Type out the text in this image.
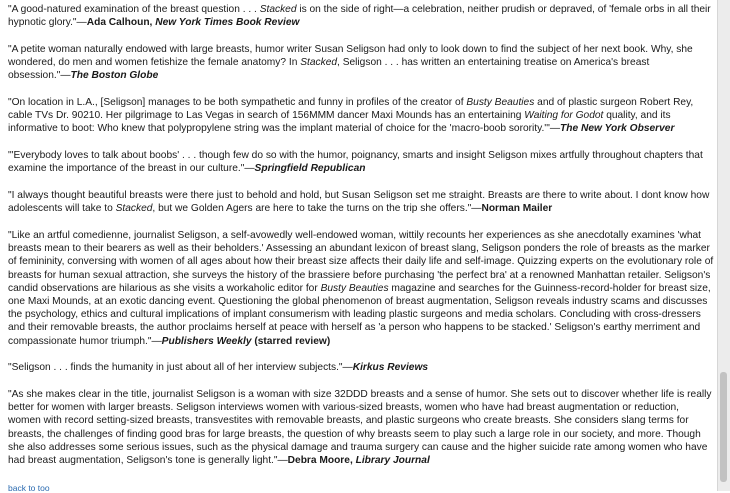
"A good-natured examination of the breast question . . . Stacked is on the side of right—a celebration, neither prudish or depraved, of 'female orbs in all their hypnotic glory."—Ada Calhoun, New York Times Book Review

"A petite woman naturally endowed with large breasts, humor writer Susan Seligson had only to look down to find the subject of her next book. Why, she wondered, do men and women fetishize the female anatomy? In Stacked, Seligson . . . has written an entertaining treatise on America's breast obsession."—The Boston Globe

"On location in L.A., [Seligson] manages to be both sympathetic and funny in profiles of the creator of Busty Beauties and of plastic surgeon Robert Rey, cable TVs Dr. 90210. Her pilgrimage to Las Vegas in search of 156MMM dancer Maxi Mounds has an entertaining Waiting for Godot quality, and its informative to boot: Who knew that polypropylene string was the implant material of choice for the 'macro-boob sorority.'"—The New York Observer

"'Everybody loves to talk about boobs' . . . though few do so with the humor, poignancy, smarts and insight Seligson mixes artfully throughout chapters that examine the importance of the breast in our culture."—Springfield Republican

"I always thought beautiful breasts were there just to behold and hold, but Susan Seligson set me straight. Breasts are there to write about. I dont know how adolescents will take to Stacked, but we Golden Agers are here to take the turns on the trip she offers."—Norman Mailer

"Like an artful comedienne, journalist Seligson, a self-avowedly well-endowed woman, wittily recounts her experiences as she anecdotally examines 'what breasts mean to their bearers as well as their beholders.' Assessing an abundant lexicon of breast slang, Seligson ponders the role of breasts as the marker of femininity, conversing with women of all ages about how their breast size affects their daily life and self-image. Quizzing experts on the evolutionary role of breasts for human sexual attraction, she surveys the history of the brassiere before purchasing 'the perfect bra' at a renowned Manhattan retailer. Seligson's candid observations are hilarious as she visits a workaholic editor for Busty Beauties magazine and searches for the Guinness-record-holder for breast size, one Maxi Mounds, at an exotic dancing event. Questioning the global phenomenon of breast augmentation, Seligson reveals industry scams and discusses the psychology, ethics and cultural implications of implant consumerism with leading plastic surgeons and media scholars. Concluding with cross-dressers and their removable breasts, the author proclaims herself at peace with herself as 'a person who happens to be stacked.' Seligson's earthy merriment and compassionate humor triumph."—Publishers Weekly (starred review)

"Seligson . . . finds the humanity in just about all of her interview subjects."—Kirkus Reviews

"As she makes clear in the title, journalist Seligson is a woman with size 32DDD breasts and a sense of humor. She sets out to discover whether life is really better for women with larger breasts. Seligson interviews women with various-sized breasts, women who have had breast augmentation or reduction, women with record setting-sized breasts, transvestites with removable breasts, and plastic surgeons who create breasts. She considers slang terms for breasts, the challenges of finding good bras for large breasts, the question of why breasts seem to play such a large role in our society, and more. Though she also addresses some serious issues, such as the physical damage and trauma surgery can cause and the higher suicide rate among women who have had breast augmentation, Seligson's tone is generally light."—Debra Moore, Library Journal

back to too
